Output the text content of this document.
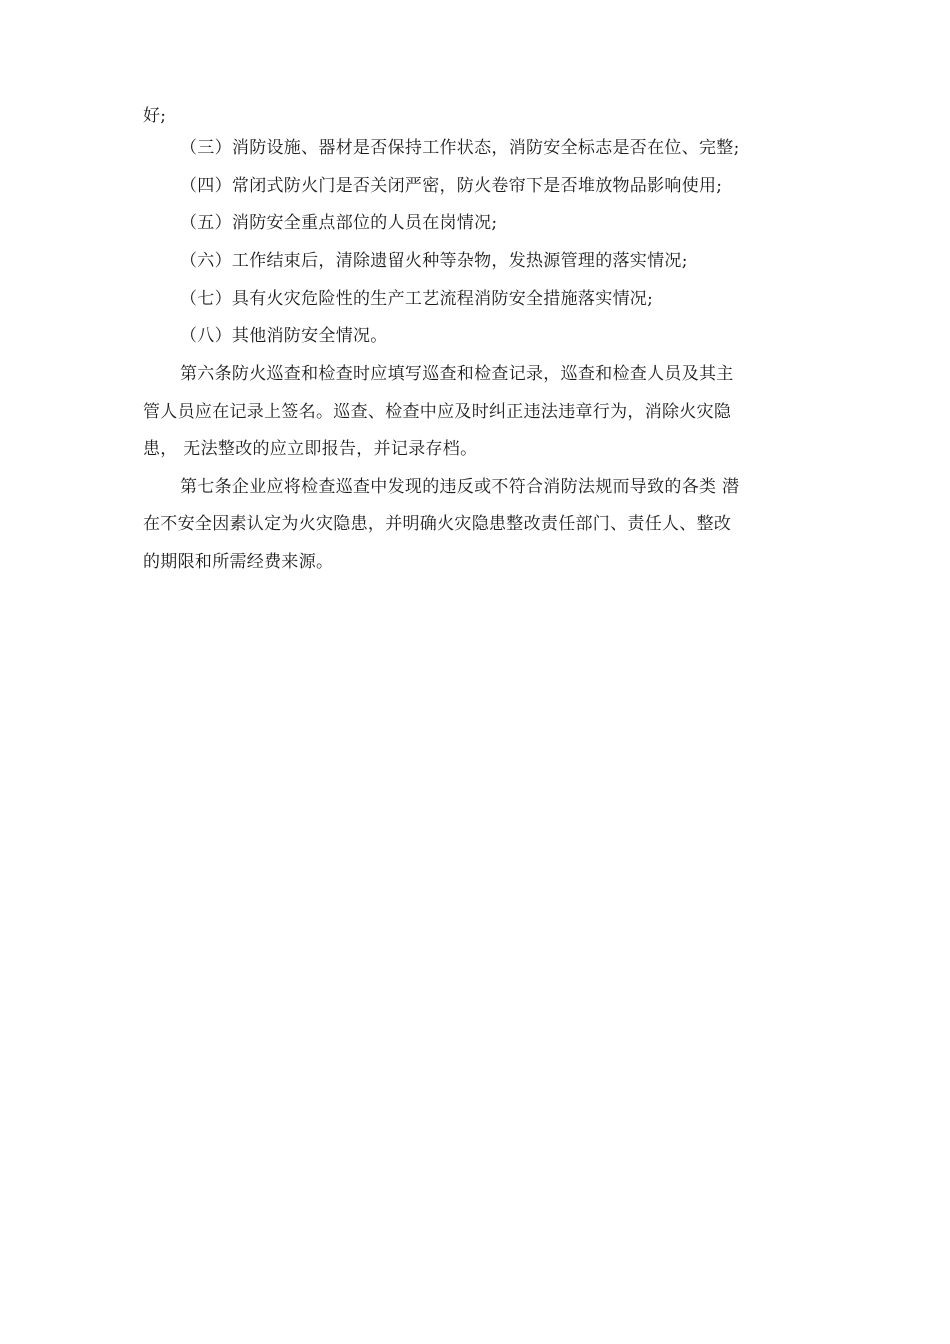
好;
（三）消防设施、器材是否保持工作状态，消防安全标志是否在位、完整;
（四）常闭式防火门是否关闭严密，防火卷帘下是否堆放物品影响使用;
（五）消防安全重点部位的人员在岗情况;
（六）工作结束后，清除遗留火种等杂物，发热源管理的落实情况;
（七）具有火灾危险性的生产工艺流程消防安全措施落实情况;
（八）其他消防安全情况。
第六条防火巡查和检查时应填写巡查和检查记录，巡查和检查人员及其主
管人员应在记录上签名。巡查、检查中应及时纠正违法违章行为，消除火灾隐
患， 无法整改的应立即报告，并记录存档。
第七条企业应将检查巡查中发现的违反或不符合消防法规而导致的各类 潜
在不安全因素认定为火灾隐患，并明确火灾隐患整改责任部门、责任人、整改
的期限和所需经费来源。
